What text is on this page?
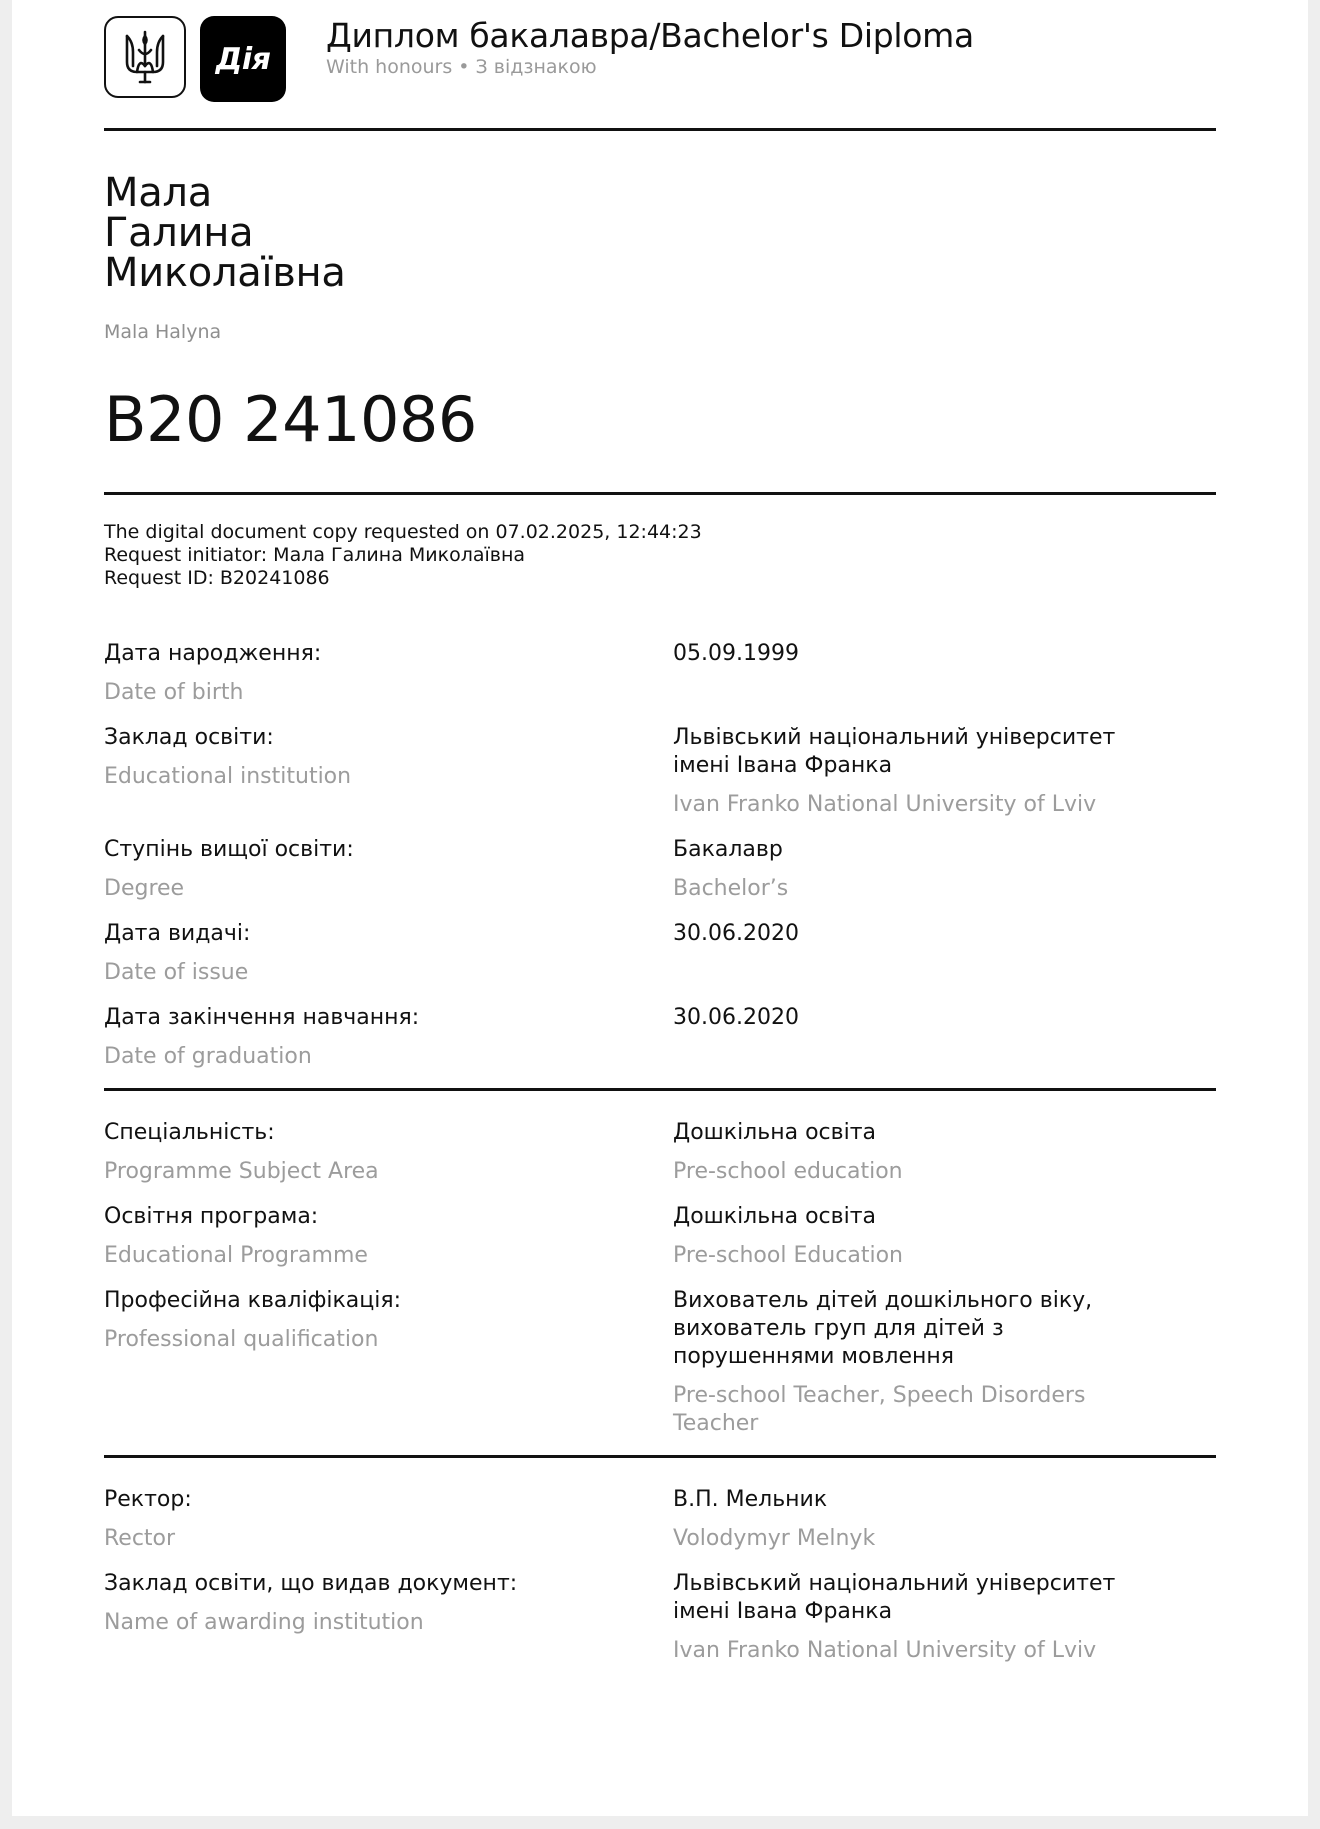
Дія
Диплом бакалавра/Bachelor's Diploma
With honours • З відзнакою
Мала
Галина
Миколаївна
Mala Halyna
B20 241086
The digital document copy requested on 07.02.2025, 12:44:23
Request initiator: Мала Галина Миколаївна
Request ID: B20241086
Дата народження:
Date of birth
05.09.1999
Заклад освіти:
Educational institution
Львівський національний університет
імені Івана Франка
Ivan Franko National University of Lviv
Ступінь вищої освіти:
Degree
Бакалавр
Bachelor’s
Дата видачі:
Date of issue
30.06.2020
Дата закінчення навчання:
Date of graduation
30.06.2020
Спеціальність:
Programme Subject Area
Дошкільна освіта
Pre-school education
Освітня програма:
Educational Programme
Дошкільна освіта
Pre-school Education
Професійна кваліфікація:
Professional qualification
Вихователь дітей дошкільного віку,
вихователь груп для дітей з
порушеннями мовлення
Pre-school Teacher, Speech Disorders
Teacher
Ректор:
Rector
В.П. Мельник
Volodymyr Melnyk
Заклад освіти, що видав документ:
Name of awarding institution
Львівський національний університет
імені Івана Франка
Ivan Franko National University of Lviv
